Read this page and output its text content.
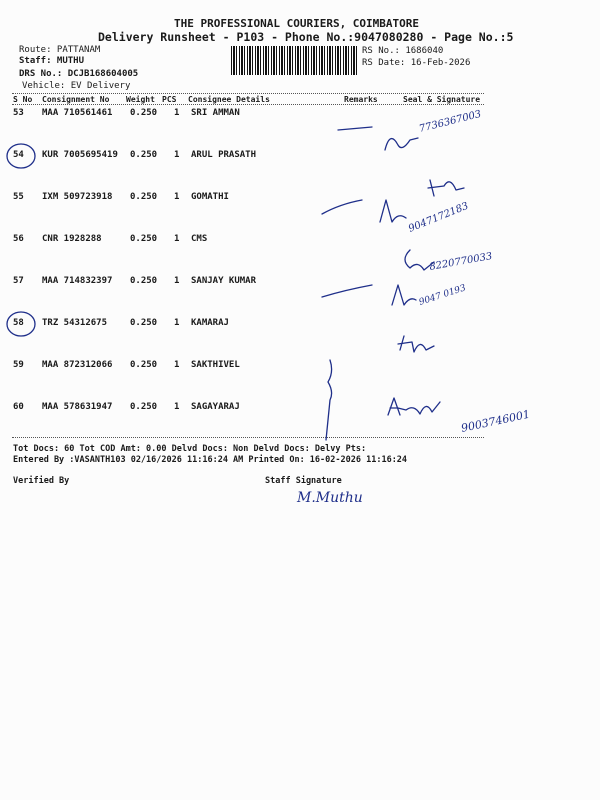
THE PROFESSIONAL COURIERS, COIMBATORE
Delivery Runsheet - P103 - Phone No.:9047080280 - Page No.:5
Route: PATTANAM
Staff: MUTHU
DRS No.: DCJB168604005
Vehicle: EV Delivery
RS No.: 1686040
RS Date: 16-Feb-2026
S No Consignment No Weight PCS Consignee Details	Remarks	Seal & Signature
53 MAA 710561461 0.250 1 SRI AMMAN
54 KUR 7005695419 0.250 1 ARUL PRASATH
55 IXM 509723918 0.250 1 GOMATHI
56 CNR 1928288	0.250 1 CMS
57 MAA 714832397 0.250 1 SANJAY KUMAR
58 TRZ 54312675	0.250 1 KAMARAJ
59 MAA 872312066 0.250 1 SAKTHIVEL
60 MAA 578631947 0.250 1 SAGAYARAJ
Tot Docs: 60 Tot COD Amt: 0.00 Delvd Docs: Non Delvd Docs: Delvy Pts:
Entered By :VASANTH103 02/16/2026 11:16:24 AM Printed On: 16-02-2026 11:16:24
Verified By	Staff Signature
7736367003
9047172183
8220770033
9047 0193
9003746001
M.Muthu
